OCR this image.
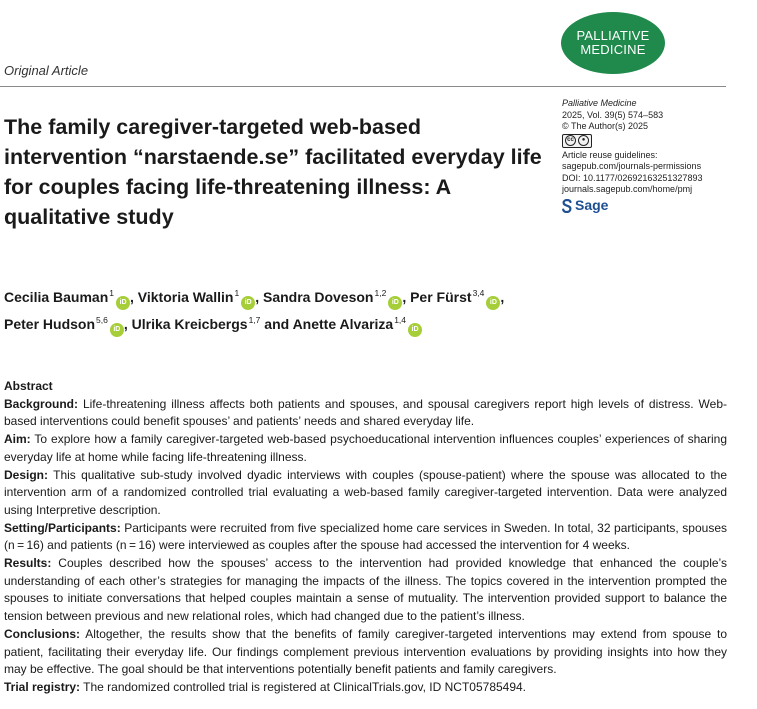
PALLIATIVE
MEDICINE
Original Article
The family caregiver-targeted web-based intervention “narstaende.se” facilitated everyday life for couples facing life-threatening illness: A qualitative study
Palliative Medicine
2025, Vol. 39(5) 574–583
© The Author(s) 2025
cc	●
Article reuse guidelines:
sagepub.com/journals-permissions
DOI: 10.1177/02692163251327893
journals.sagepub.com/home/pmj
Sage

Cecilia Bauman$^1$iD , Viktoria Wallin$^1$iD , Sandra Doveson$^{1,2}$iD , Per Fürst$^{3,4}$iD ,
Peter Hudson$^{5,6}$iD , Ulrika Kreicbergs$^{1,7}$ and Anette Alvariza$^{1,4}$iD

Abstract

Background: Life-threatening illness affects both patients and spouses, and spousal caregivers report high levels of distress. Web-based interventions could benefit spouses’ and patients’ needs and shared everyday life.

Aim: To explore how a family caregiver-targeted web-based psychoeducational intervention influences couples’ experiences of sharing everyday life at home while facing life-threatening illness.

Design: This qualitative sub-study involved dyadic interviews with couples (spouse-patient) where the spouse was allocated to the intervention arm of a randomized controlled trial evaluating a web-based family caregiver-targeted intervention. Data were analyzed using Interpretive description.

Setting/Participants: Participants were recruited from five specialized home care services in Sweden. In total, 32 participants, spouses (n = 16) and patients (n = 16) were interviewed as couples after the spouse had accessed the intervention for 4 weeks.

Results: Couples described how the spouses’ access to the intervention had provided knowledge that enhanced the couple’s understanding of each other’s strategies for managing the impacts of the illness. The topics covered in the intervention prompted the spouses to initiate conversations that helped couples maintain a sense of mutuality. The intervention provided support to balance the tension between previous and new relational roles, which had changed due to the patient’s illness.

Conclusions: Altogether, the results show that the benefits of family caregiver-targeted interventions may extend from spouse to patient, facilitating their everyday life. Our findings complement previous intervention evaluations by providing insights into how they may be effective. The goal should be that interventions potentially benefit patients and family caregivers.

Trial registry: The randomized controlled trial is registered at ClinicalTrials.gov, ID NCT05785494.
